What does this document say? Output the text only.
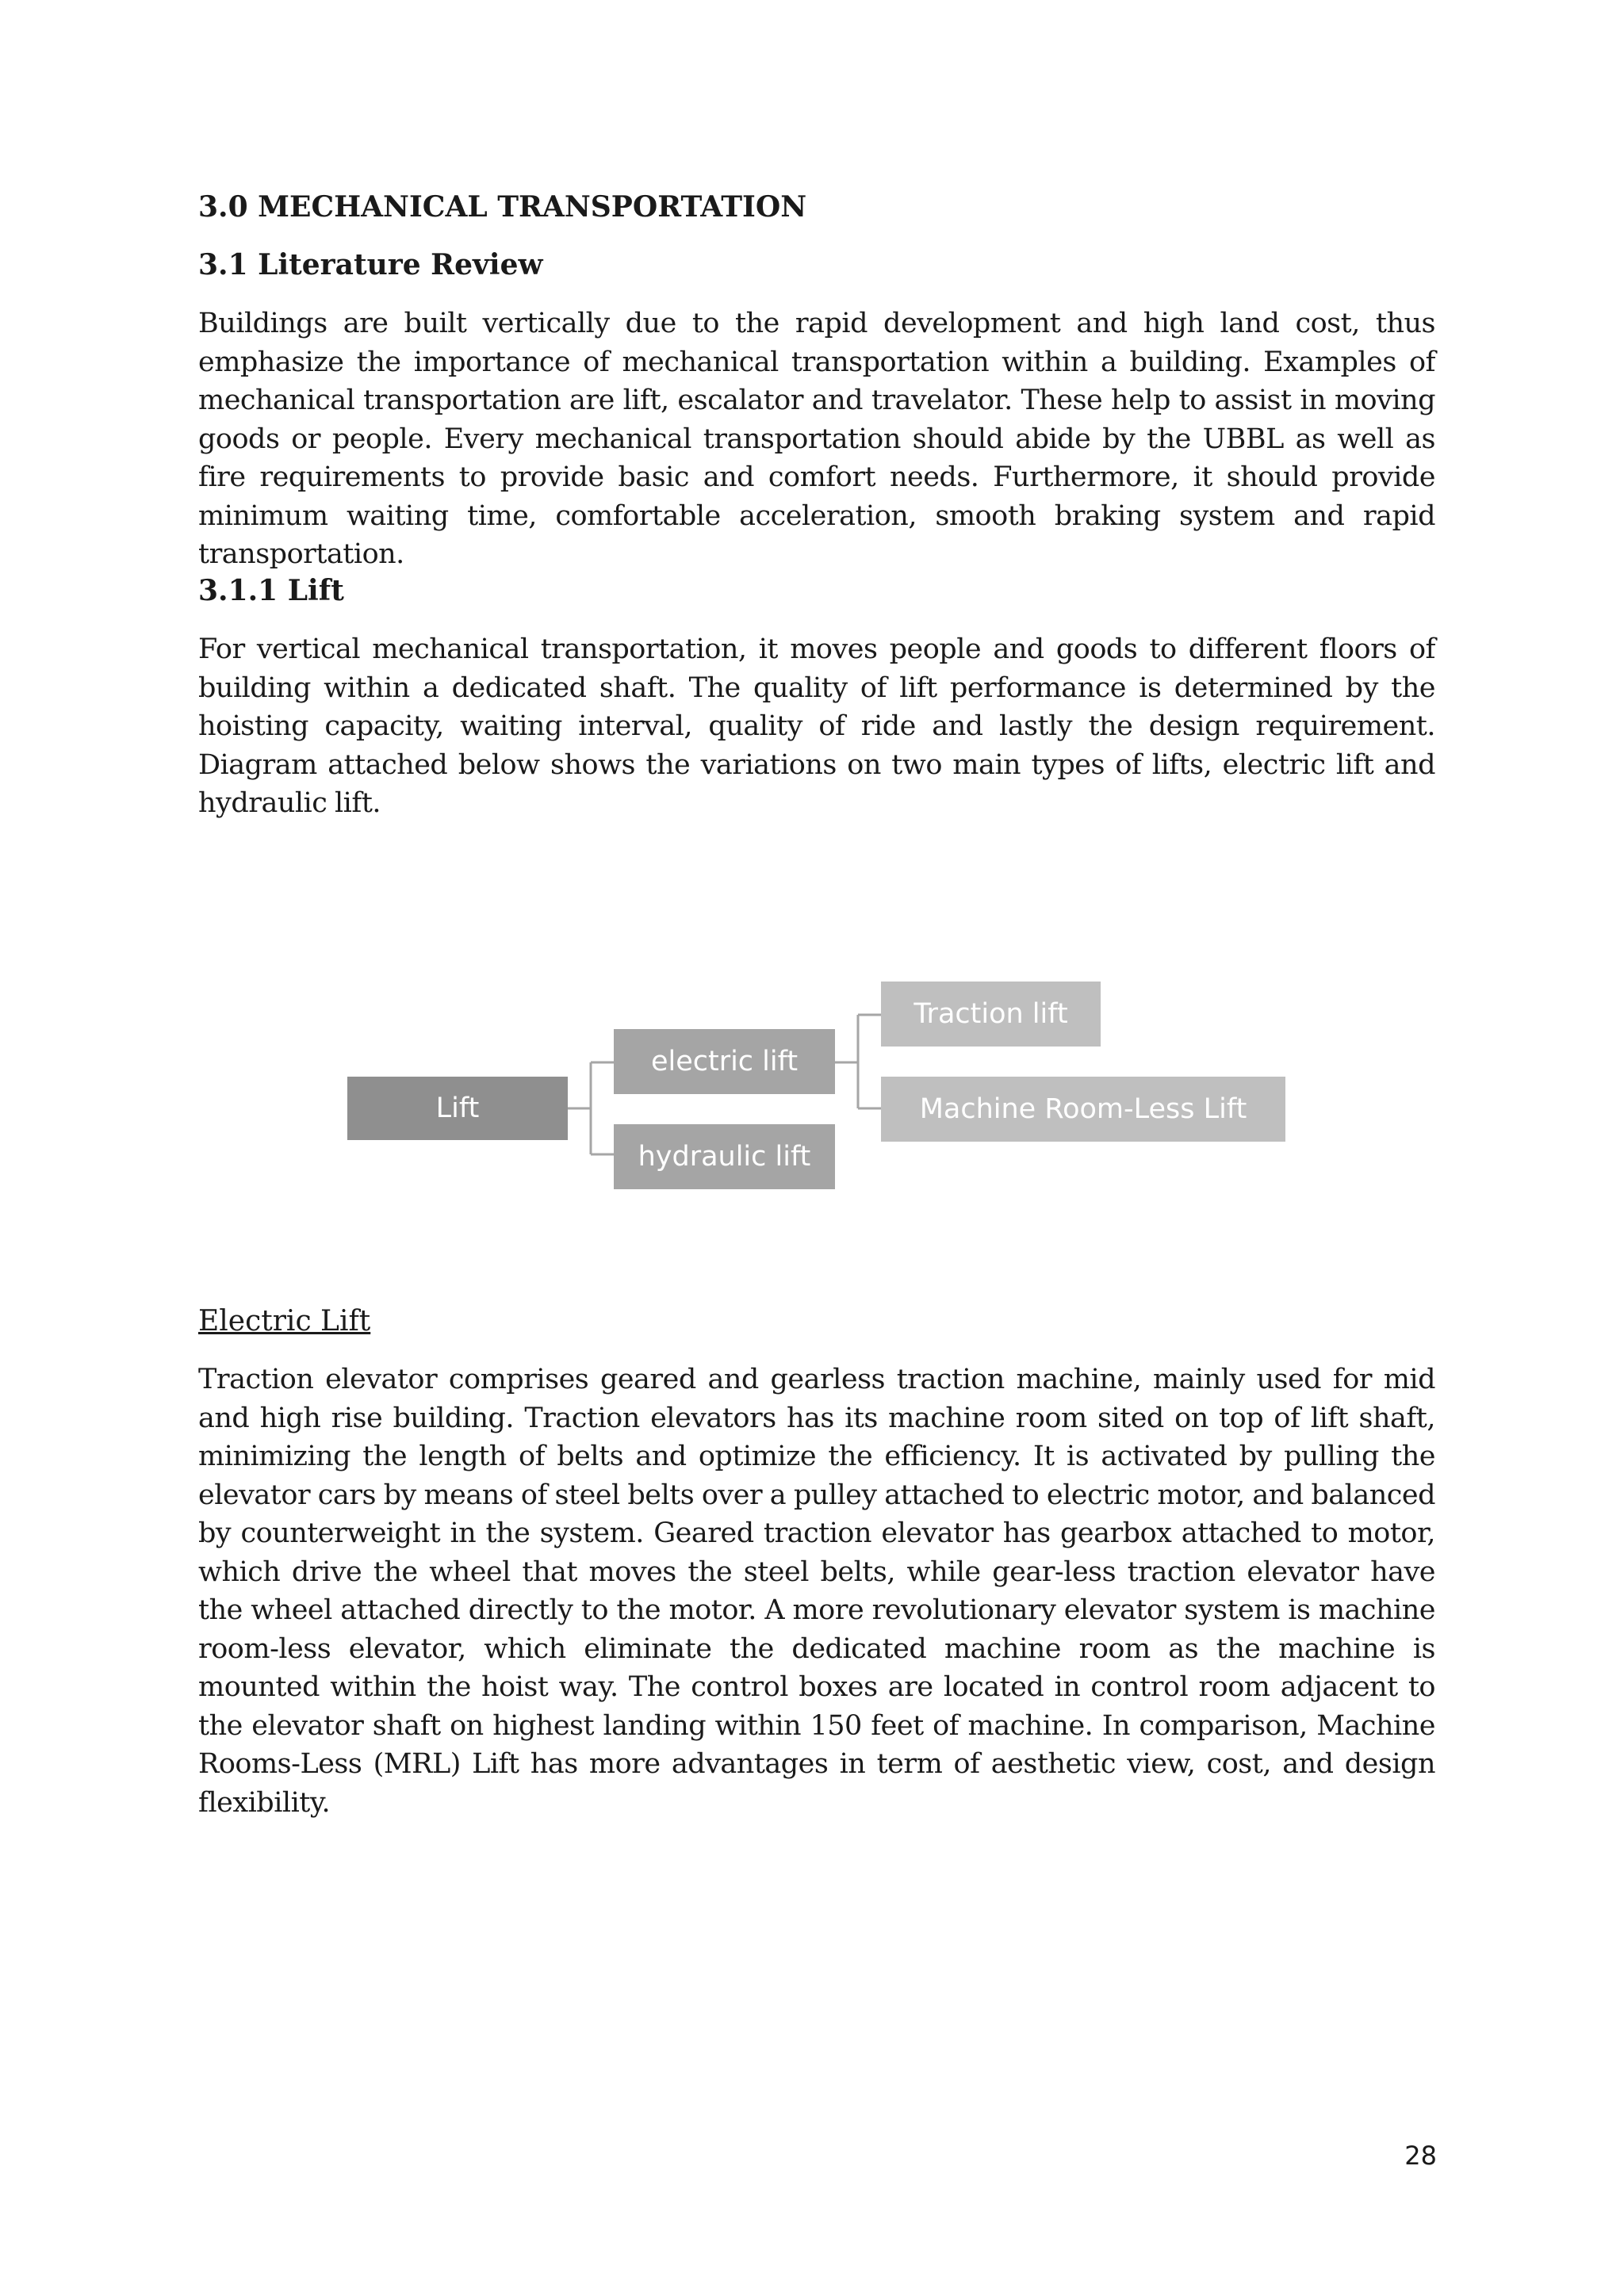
3.0 MECHANICAL TRANSPORTATION
3.1 Literature Review

Buildings are built vertically due to the rapid development and high land cost, thus emphasize the importance of mechanical transportation within a building. Examples of mechanical transportation are lift, escalator and travelator. These help to assist in moving goods or people. Every mechanical transportation should abide by the UBBL as well as fire requirements to provide basic and comfort needs. Furthermore, it should provide minimum waiting time, comfortable acceleration, smooth braking system and rapid transportation.

3.1.1 Lift

For vertical mechanical transportation, it moves people and goods to different floors of building within a dedicated shaft. The quality of lift performance is determined by the hoisting capacity, waiting interval, quality of ride and lastly the design requirement. Diagram attached below shows the variations on two main types of lifts, electric lift and hydraulic lift.

Lift
electric lift
hydraulic lift
Traction lift
Machine Room-Less Lift
Electric Lift

Traction elevator comprises geared and gearless traction machine, mainly used for mid and high rise building. Traction elevators has its machine room sited on top of lift shaft, minimizing the length of belts and optimize the efficiency. It is activated by pulling the elevator cars by means of steel belts over a pulley attached to electric motor, and balanced by counterweight in the system. Geared traction elevator has gearbox attached to motor, which drive the wheel that moves the steel belts, while gear-less traction elevator have the wheel attached directly to the motor. A more revolutionary elevator system is machine room-less elevator, which eliminate the dedicated machine room as the machine is mounted within the hoist way. The control boxes are located in control room adjacent to the elevator shaft on highest landing within 150 feet of machine. In comparison, Machine Rooms-Less (MRL) Lift has more advantages in term of aesthetic view, cost, and design flexibility.

28
